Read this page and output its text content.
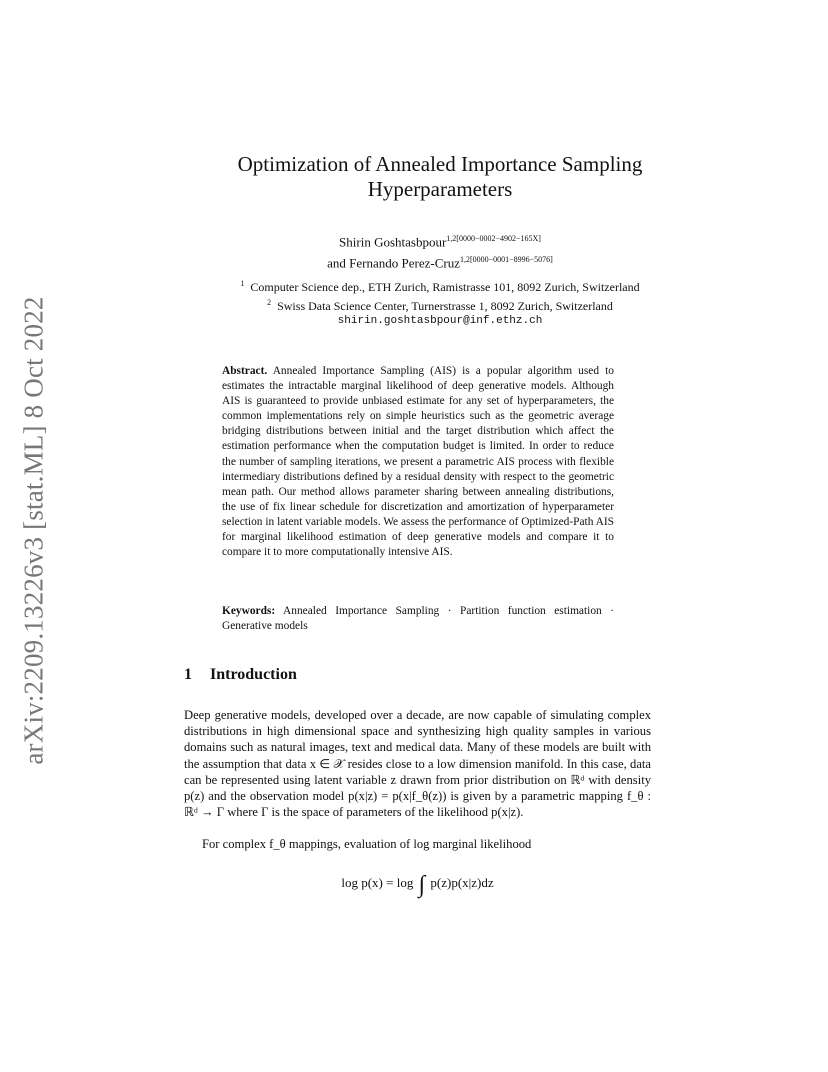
arXiv:2209.13226v3 [stat.ML] 8 Oct 2022
Optimization of Annealed Importance Sampling
Hyperparameters
Shirin Goshtasbpour$^{1,2[0000-0002-4902-165X]}$
and Fernando Perez-Cruz$^{1,2[0000-0001-8996-5076]}$
$^1$ Computer Science dep., ETH Zurich, Ramistrasse 101, 8092 Zurich, Switzerland
$^2$ Swiss Data Science Center, Turnerstrasse 1, 8092 Zurich, Switzerland
shirin.goshtasbpour@inf.ethz.ch

Abstract. Annealed Importance Sampling (AIS) is a popular algorithm used to estimates the intractable marginal likelihood of deep generative models. Although AIS is guaranteed to provide unbiased estimate for any set of hyperparameters, the common implementations rely on simple heuristics such as the geometric average bridging distributions between initial and the target distribution which affect the estimation performance when the computation budget is limited. In order to reduce the number of sampling iterations, we present a parametric AIS process with flexible intermediary distributions defined by a residual density with respect to the geometric mean path. Our method allows parameter sharing between annealing distributions, the use of fix linear schedule for discretization and amortization of hyperparameter selection in latent variable models. We assess the performance of Optimized-Path AIS for marginal likelihood estimation of deep generative models and compare it to compare it to more computationally intensive AIS.

Keywords: Annealed Importance Sampling · Partition function estimation · Generative models

1 Introduction

Deep generative models, developed over a decade, are now capable of simulating complex distributions in high dimensional space and synthesizing high quality samples in various domains such as natural images, text and medical data. Many of these models are built with the assumption that data x ∈ 𝒳 resides close to a low dimension manifold. In this case, data can be represented using latent variable z drawn from prior distribution on ℝᵈ with density p(z) and the observation model p(x|z) = p(x|f_θ(z)) is given by a parametric mapping f_θ : ℝᵈ → Γ where Γ is the space of parameters of the likelihood p(x|z).

For complex f_θ mappings, evaluation of log marginal likelihood

log p(x) = log ∫ p(z)p(x|z)dz
